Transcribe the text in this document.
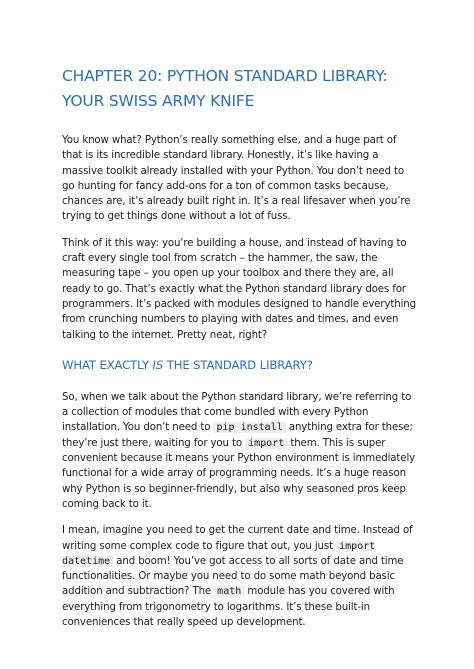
CHAPTER 20: PYTHON STANDARD LIBRARY: YOUR SWISS ARMY KNIFE

You know what? Python’s really something else, and a huge part of that is its incredible standard library. Honestly, it’s like having a massive toolkit already installed with your Python. You don’t need to go hunting for fancy add-ons for a ton of common tasks because, chances are, it’s already built right in. It’s a real lifesaver when you’re trying to get things done without a lot of fuss.

Think of it this way: you’re building a house, and instead of having to craft every single tool from scratch – the hammer, the saw, the measuring tape – you open up your toolbox and there they are, all ready to go. That’s exactly what the Python standard library does for programmers. It’s packed with modules designed to handle everything from crunching numbers to playing with dates and times, and even talking to the internet. Pretty neat, right?

WHAT EXACTLY IS THE STANDARD LIBRARY?

So, when we talk about the Python standard library, we’re referring to a collection of modules that come bundled with every Python installation. You don’t need to pip install anything extra for these; they’re just there, waiting for you to import them. This is super convenient because it means your Python environment is immediately functional for a wide array of programming needs. It’s a huge reason why Python is so beginner-friendly, but also why seasoned pros keep coming back to it.

I mean, imagine you need to get the current date and time. Instead of writing some complex code to figure that out, you just import datetime and boom! You’ve got access to all sorts of date and time functionalities. Or maybe you need to do some math beyond basic addition and subtraction? The math module has you covered with everything from trigonometry to logarithms. It’s these built-in conveniences that really speed up development.
